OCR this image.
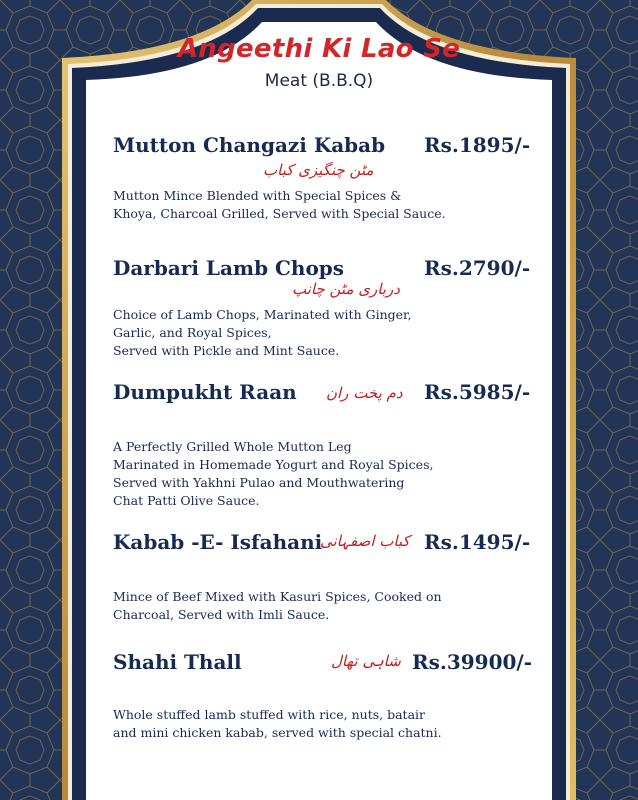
Angeethi Ki Lao Se
Meat (B.B.Q)
Mutton Changazi Kabab Rs.1895/-
مٹن چنگیزی کباب
Mutton Mince Blended with Special Spices &
Khoya, Charcoal Grilled, Served with Special Sauce.
Darbari Lamb Chops	Rs.2790/-
درباری مٹن چانپ
Choice of Lamb Chops, Marinated with Ginger,
Garlic, and Royal Spices,
Served with Pickle and Mint Sauce.
Dumpukht Raan	Rs.5985/-
دم پخت ران
A Perfectly Grilled Whole Mutton Leg
Marinated in Homemade Yogurt and Royal Spices,
Served with Yakhni Pulao and Mouthwatering
Chat Patti Olive Sauce.
Kabab -E- Isfahani	Rs.1495/-
کباب اصفہانی
Mince of Beef Mixed with Kasuri Spices, Cooked on
Charcoal, Served with Imli Sauce.
Shahi Thall	Rs.39900/-
شاہی تھال
Whole stuffed lamb stuffed with rice, nuts, batair
and mini chicken kabab, served with special chatni.
